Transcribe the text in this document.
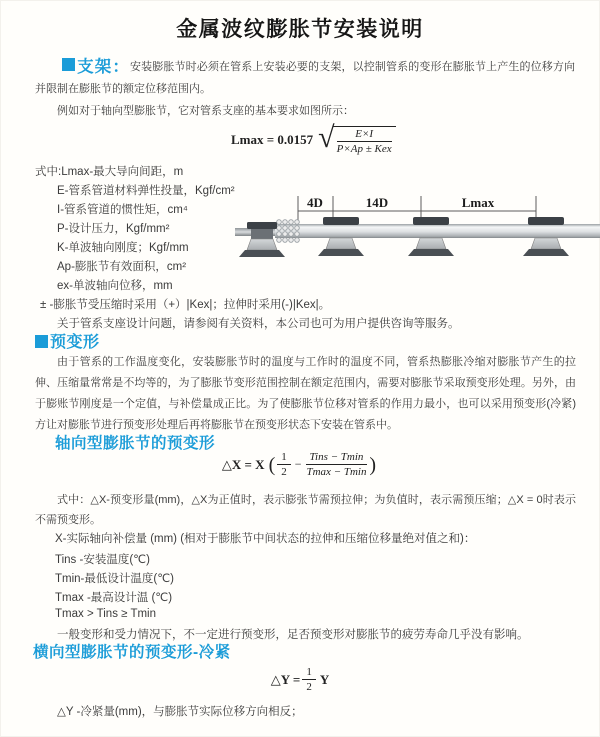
金属波纹膨胀节安装说明

支架：安装膨胀节时必须在管系上安装必要的支架，以控制管系的变形在膨胀节上产生的位移方向并限制在膨胀节的额定位移范围内。

例如对于轴向型膨胀节，它对管系支座的基本要求如图所示：

Lmax = 0.0157 √ $\frac{E\times I}{\text{P×Ap ± Kex}}$
式中:Lmax-最大导向间距，m
E-管系管道材料弹性投量，Kgf/cm²
I-管系管道的惯性矩，cm⁴
P-设计压力，Kgf/mm²
K-单波轴向刚度；Kgf/mm
Ap-膨胀节有效面积，cm²
ex-单波轴向位移，mm
± -膨胀节受压缩时采用（+）|Kex|；拉伸时采用(-)|Kex|。
关于管系支座设计问题，请参阅有关资料，本公司也可为用户提供咨询等服务。
4D	14D	Lmax
预变形

由于管系的工作温度变化，安装膨胀节时的温度与工作时的温度不同，管系热膨胀冷缩对膨胀节产生的拉伸、压缩量常常是不均等的，为了膨胀节变形范围控制在额定范围内，需要对膨胀节采取预变形处理。另外，由于膨账节刚度是一个定值，与补偿量成正比。为了使膨胀节位移对管系的作用力最小，也可以采用预变形(冷紧)方让对膨胀节进行预变形处理后再将膨胀节在预变形状态下安装在管系中。

轴向型膨胀节的预变形
△X = X ( $\frac{1}{2} - \frac{\text{Tins − Tmin}}{Tmax - Tmin}$ )

式中：△X-预变形量(mm)，△X为正值时，表示膨张节需预拉伸；为负值时，表示需预压缩；△X = 0时表示不需预变形。

X-实际轴向补偿量 (mm) (相对于膨胀节中间状态的拉伸和压缩位移量绝对值之和)：
Tins -安装温度(℃)
Tmin-最低设计温度(℃)
Tmax -最高设计温 (℃)
Tmax > Tins ≥ Tmin
一般变形和受力情况下，不一定进行预变形，足否预变形对膨胀节的疲劳寿命几乎没有影响。
横向型膨胀节的预变形-冷紧
△Y = $\frac{1}{2}$ Y
△Y -冷紧量(mm)，与膨胀节实际位移方向相反；
